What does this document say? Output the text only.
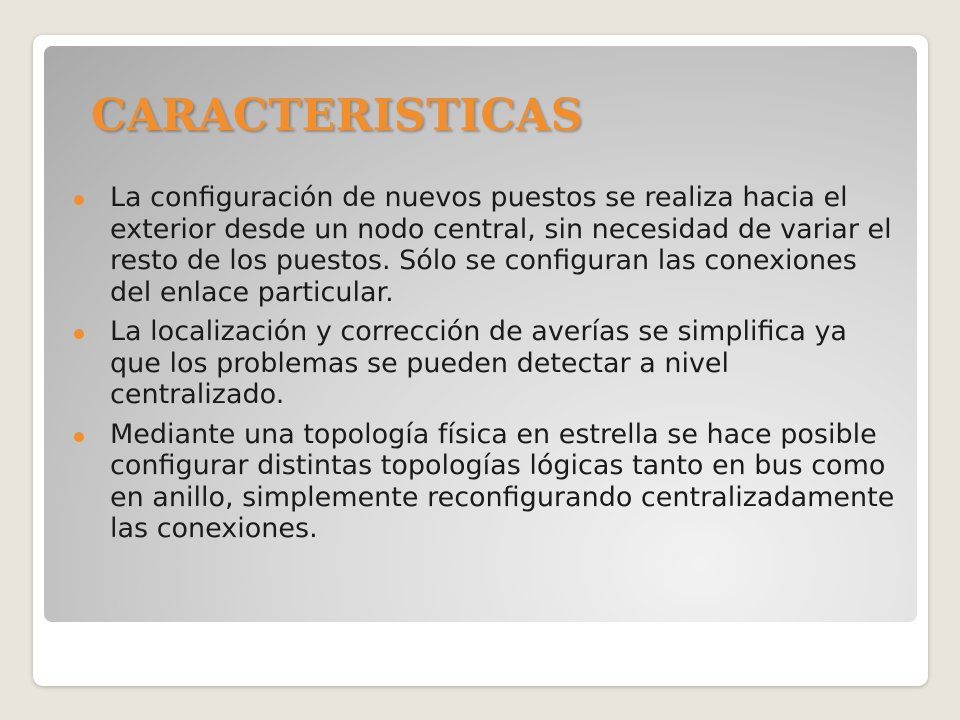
CARACTERISTICAS
La configuración de nuevos puestos se realiza hacia el exterior desde un nodo central, sin necesidad de variar el resto de los puestos. Sólo se configuran las conexiones del enlace particular.
La localización y corrección de averías se simplifica ya que los problemas se pueden detectar a nivel centralizado.
Mediante una topología física en estrella se hace posible configurar distintas topologías lógicas tanto en bus como en anillo, simplemente reconfigurando centralizadamente las conexiones.
